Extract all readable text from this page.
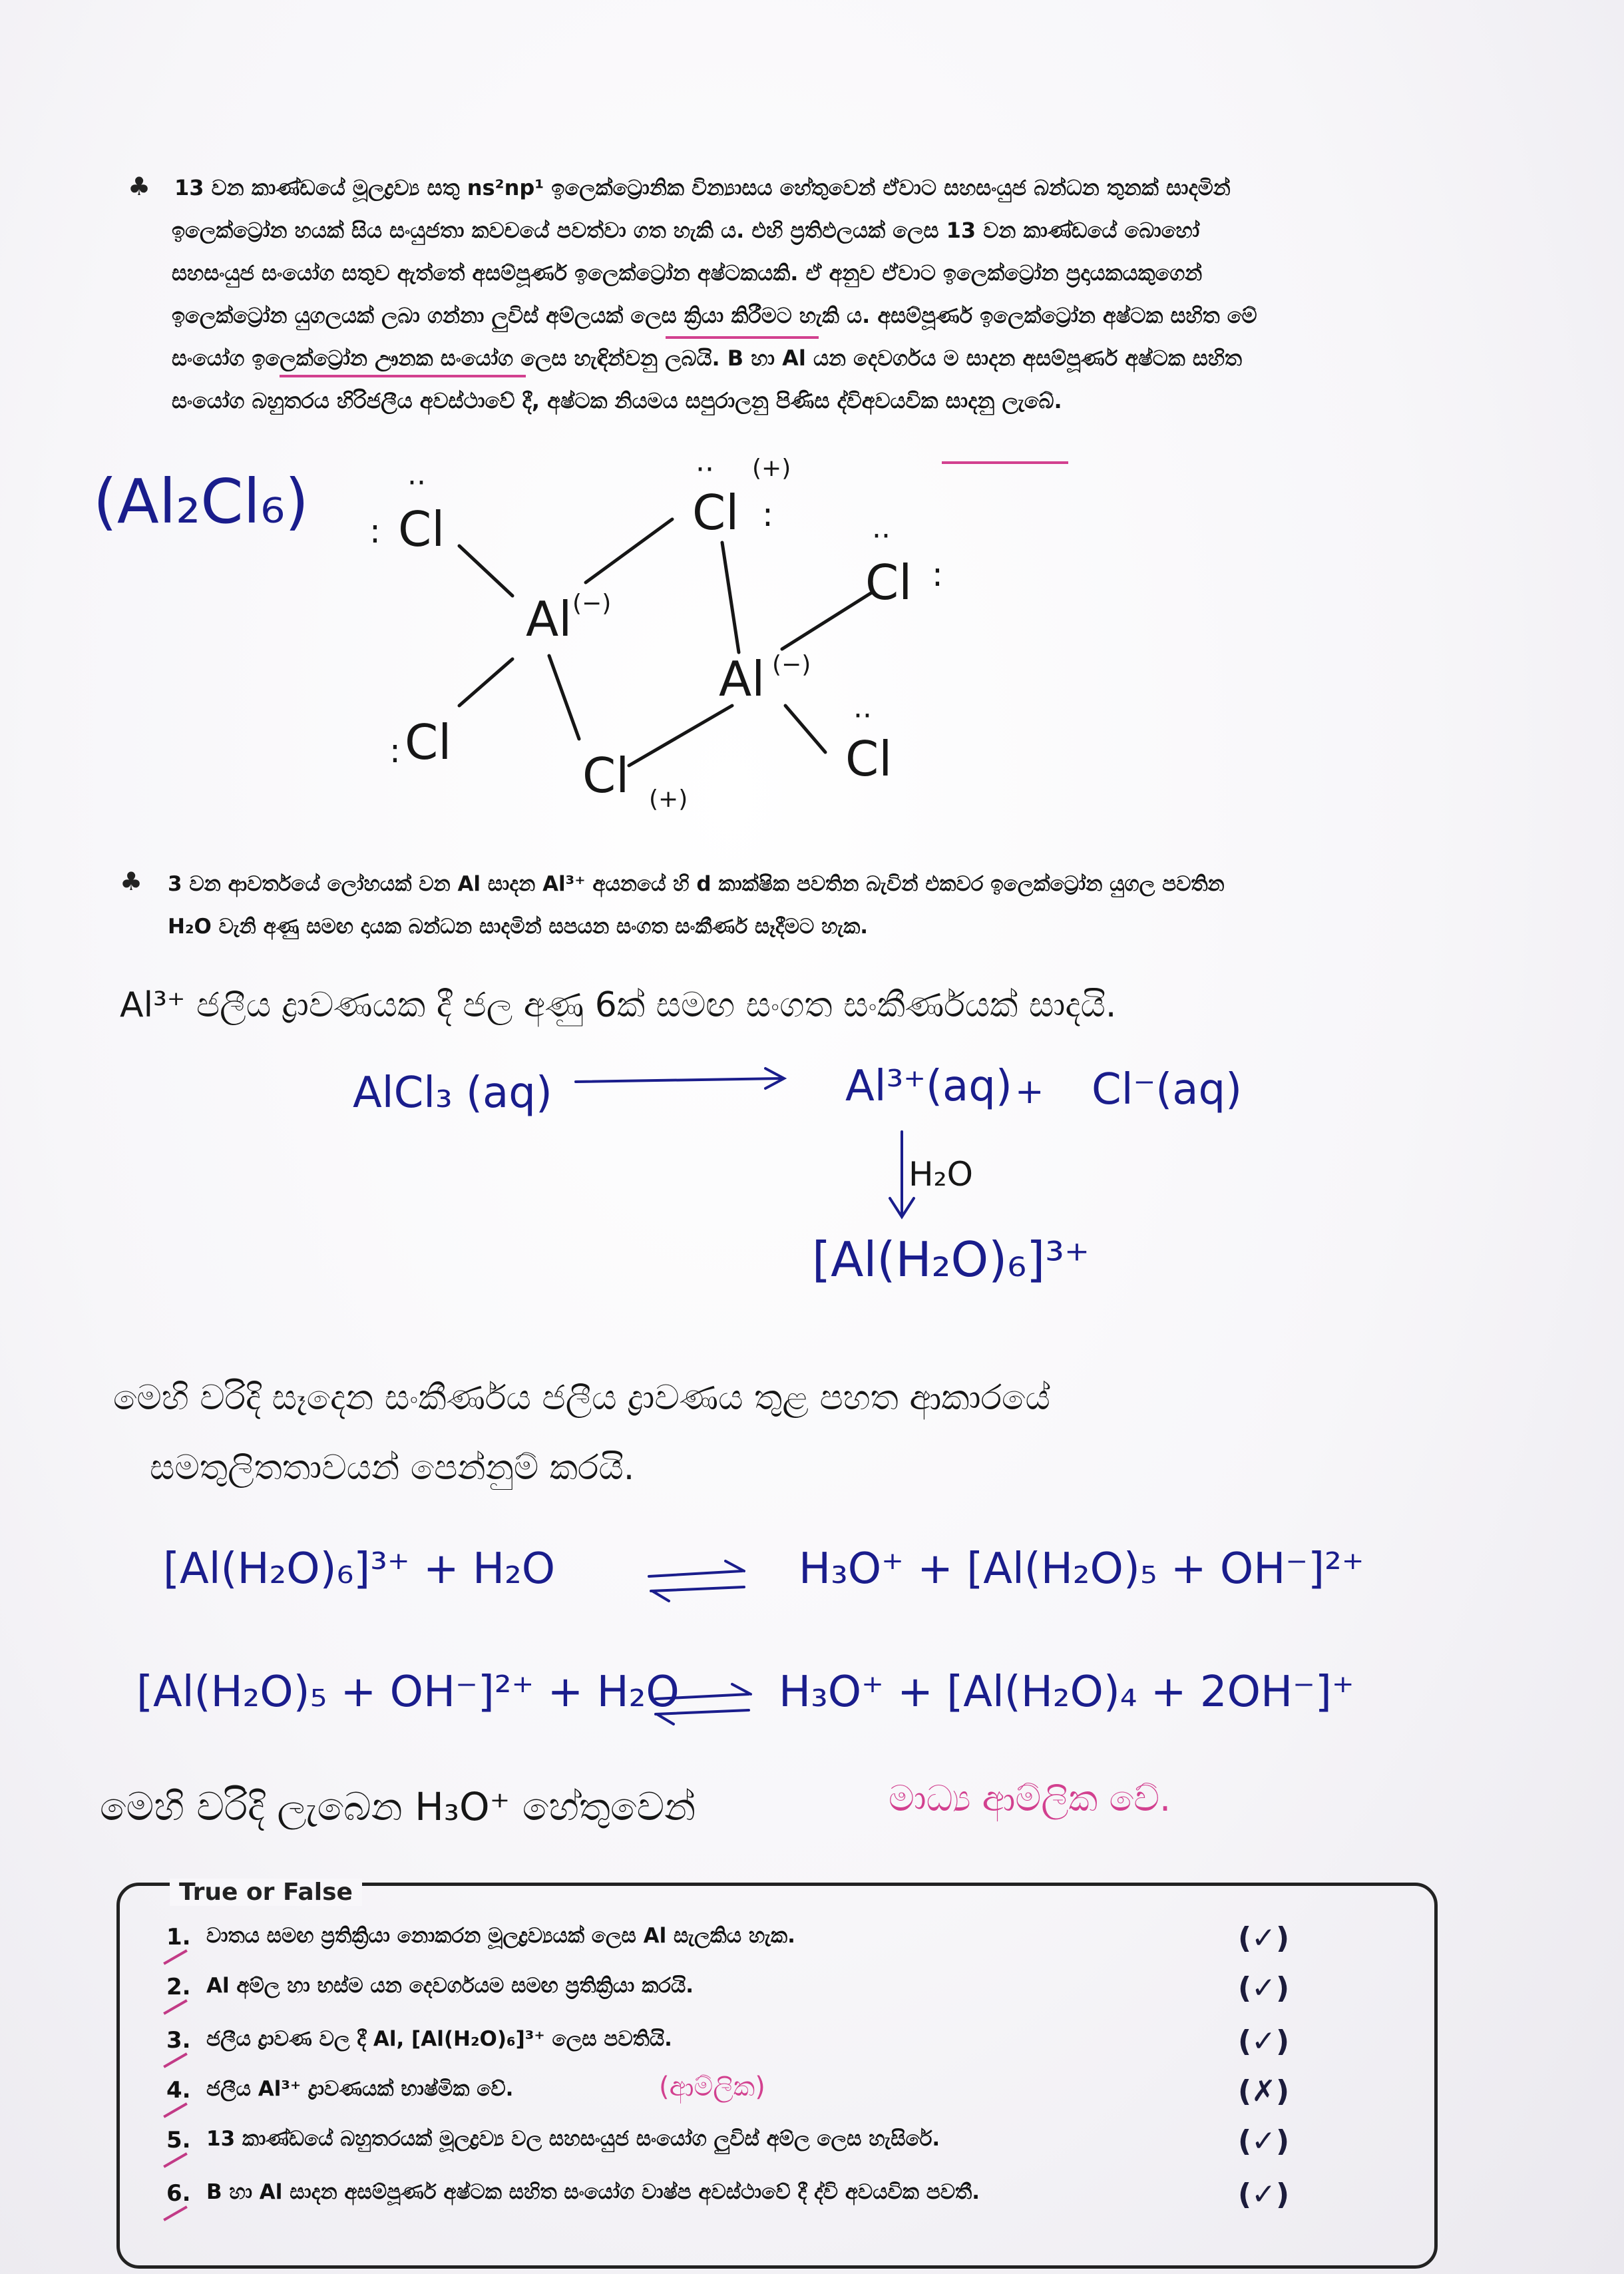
♣ 13 වන කාණ්ඩයේ මූලද්‍රව්‍ය සතු ns²np¹ ඉලෙක්ට්‍රොනික වින්‍යාසය හේතුවෙන් ඒවාට සහසංයුජ බන්ධන තුනක් සාදමින්
ඉලෙක්ට්‍රෝන හයක් සිය සංයුජතා කවචයේ පවත්වා ගත හැකි ය. එහි ප්‍රතිඵලයක් ලෙස 13 වන කාණ්ඩයේ බොහෝ
සහසංයුජ සංයෝග සතුව ඇත්තේ අසම්පූර්ණ ඉලෙක්ට්‍රෝන අෂ්ටකයකි. ඒ අනුව ඒවාට ඉලෙක්ට්‍රෝන ප්‍රදායකයකුගෙන්
ඉලෙක්ට්‍රෝන යුගලයක් ලබා ගන්නා ලුවිස් අම්ලයක් ලෙස ක්‍රියා කිරීමට හැකි ය. අසම්පූර්ණ ඉලෙක්ට්‍රෝන අෂ්ටක සහිත මේ
සංයෝග ඉලෙක්ට්‍රෝන ඌනක සංයෝග ලෙස හැඳින්වනු ලබයි. B හා Al යන දෙවර්ගය ම සාදන අසම්පූර්ණ අෂ්ටක සහිත
සංයෝග බහුතරය හිරිජලීය අවස්ථාවේ දී, අෂ්ටක නියමය සපුරාලනු පිණිස ද්විඅවයවික සාදනු ලැබේ.
(Al₂Cl₆) Cl	Cl
Al
Al
Cl
Cl
Cl	Cl
(−)
(−)
(+)
(+)
:	:
:
:
··	··
··
··
♣ 3 වන ආවර්තයේ ලෝහයක් වන Al සාදන Al³⁺ අයනයේ හි d කාක්ෂික පවතින බැවින් එකවර ඉලෙක්ට්‍රෝන යුගල පවතින
H₂O වැනි අණු සමඟ දායක බන්ධන සාදමින් සපයන සංගත සංකීර්ණ සෑදීමට හැක.
Al³⁺ ජලීය ද්‍රාවණයක දී ජල අණු 6ක් සමඟ සංගත සංකීර්ණයක් සාදයි.
AlCl₃ (aq)	Al³⁺(aq) + Cl⁻(aq)
H₂O
[Al(H₂O)₆]³⁺
මෙහි වරිදි සෑදෙන සංකීර්ණය ජලීය ද්‍රාවණය තුළ පහත ආකාරයේ
සමතුලිතතාවයන් පෙන්නුම් කරයි.
[Al(H₂O)₆]³⁺ + H₂O	H₃O⁺ + [Al(H₂O)₅ + OH⁻]²⁺
[Al(H₂O)₅ + OH⁻]²⁺ + H₂O H₃O⁺ + [Al(H₂O)₄ + 2OH⁻]⁺
මෙහි වරිදි ලැබෙන H₃O⁺ හේතුවෙන්	මාධ්‍ය ආම්ලික වේ.
True or False
1. වාතය සමඟ ප්‍රතික්‍රියා නොකරන මූලද්‍රව්‍යයක් ලෙස Al සැලකිය හැක.	(✓)
2. Al අම්ල හා භස්ම යන දෙවර්ගයම සමඟ ප්‍රතික්‍රියා කරයි.	(✓)
3. ජලීය ද්‍රාවණ වල දී Al, [Al(H₂O)₆]³⁺ ලෙස පවතියි.	(✓)
4. ජලීය Al³⁺ ද්‍රාවණයක් භාෂ්මික වේ.	(ආම්ලික)	(✗)
5. 13 කාණ්ඩයේ බහුතරයක් මූලද්‍රව්‍ය වල සහසංයුජ සංයෝග ලුවිස් අම්ල ලෙස හැසිරේ.	(✓)
6. B හා Al සාදන අසම්පූර්ණ අෂ්ටක සහිත සංයෝග වාෂ්ප අවස්ථාවේ දී ද්වි අවයවික පවතී.	(✓)
